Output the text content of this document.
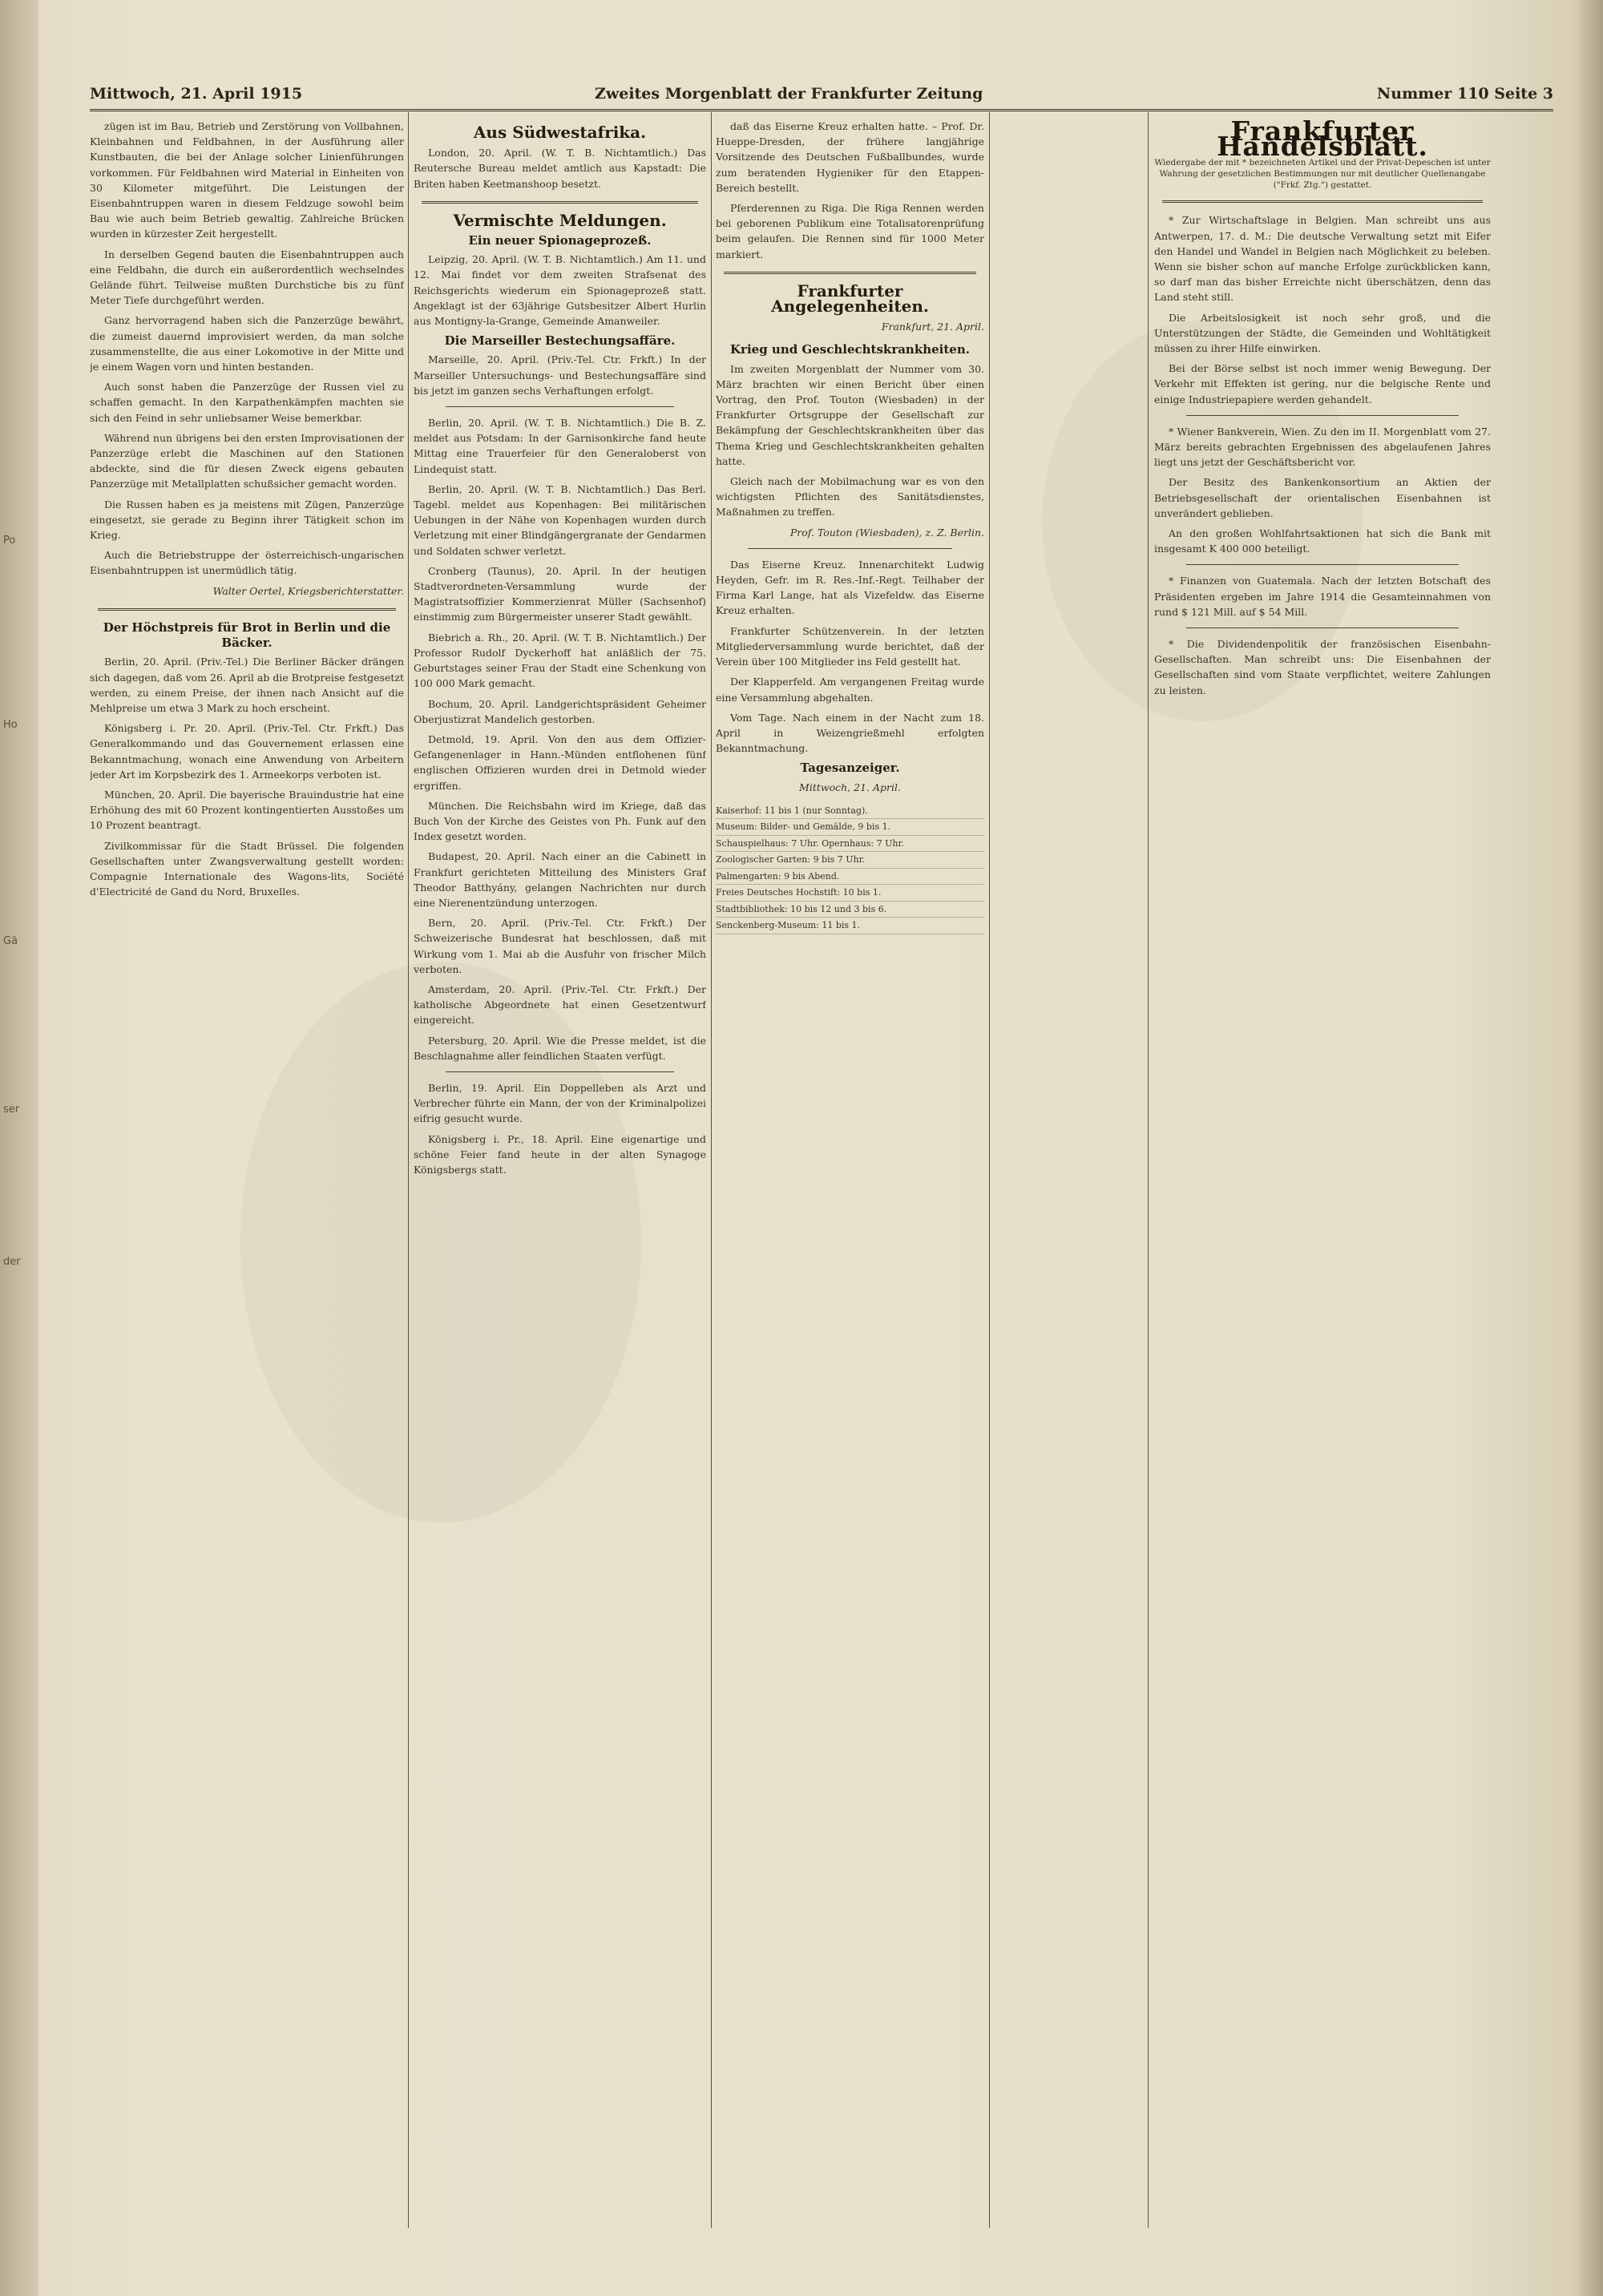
Po
Ho
Gä
ser
der
Mittwoch, 21. April 1915	Zweites Morgenblatt der Frankfurter Zeitung	Nummer 110 Seite 3

zügen ist im Bau, Betrieb und Zerstörung von Vollbahnen, Kleinbahnen und Feldbahnen, in der Ausführung aller Kunstbauten, die bei der Anlage solcher Linienführungen vorkommen. Für Feldbahnen wird Material in Einheiten von 30 Kilometer mitgeführt. Die Leistungen der Eisenbahntruppen waren in diesem Feldzuge sowohl beim Bau wie auch beim Betrieb gewaltig. Zahlreiche Brücken wurden in kürzester Zeit hergestellt.

In derselben Gegend bauten die Eisenbahntruppen auch eine Feldbahn, die durch ein außerordentlich wechselndes Gelände führt. Teilweise mußten Durchstiche bis zu fünf Meter Tiefe durchgeführt werden.

Ganz hervorragend haben sich die Panzerzüge bewährt, die zumeist dauernd improvisiert werden, da man solche zusammenstellte, die aus einer Lokomotive in der Mitte und je einem Wagen vorn und hinten bestanden.

Auch sonst haben die Panzerzüge der Russen viel zu schaffen gemacht. In den Karpathenkämpfen machten sie sich den Feind in sehr unliebsamer Weise bemerkbar.

Während nun übrigens bei den ersten Improvisationen der Panzerzüge erlebt die Maschinen auf den Stationen abdeckte, sind die für diesen Zweck eigens gebauten Panzerzüge mit Metallplatten schußsicher gemacht worden.

Die Russen haben es ja meistens mit Zügen, Panzerzüge eingesetzt, sie gerade zu Beginn ihrer Tätigkeit schon im Krieg.

Auch die Betriebstruppe der österreichisch-ungarischen Eisenbahntruppen ist unermüdlich tätig.

Walter Oertel, Kriegsberichterstatter.
Der Höchstpreis für Brot in Berlin und die Bäcker.

Berlin, 20. April. (Priv.-Tel.) Die Berliner Bäcker drängen sich dagegen, daß vom 26. April ab die Brotpreise festgesetzt werden, zu einem Preise, der ihnen nach Ansicht auf die Mehlpreise um etwa 3 Mark zu hoch erscheint.

Königsberg i. Pr. 20. April. (Priv.-Tel. Ctr. Frkft.) Das Generalkommando und das Gouvernement erlassen eine Bekanntmachung, wonach eine Anwendung von Arbeitern jeder Art im Korpsbezirk des 1. Armeekorps verboten ist.

München, 20. April. Die bayerische Brauindustrie hat eine Erhöhung des mit 60 Prozent kontingentierten Ausstoßes um 10 Prozent beantragt.

Zivilkommissar für die Stadt Brüssel. Die folgenden Gesellschaften unter Zwangsverwaltung gestellt worden: Compagnie Internationale des Wagons-lits, Société d'Electricité de Gand du Nord, Bruxelles.

Aus Südwestafrika.

London, 20. April. (W. T. B. Nichtamtlich.) Das Reutersche Bureau meldet amtlich aus Kapstadt: Die Briten haben Keetmanshoop besetzt.

Vermischte Meldungen.
Ein neuer Spionageprozeß.

Leipzig, 20. April. (W. T. B. Nichtamtlich.) Am 11. und 12. Mai findet vor dem zweiten Strafsenat des Reichsgerichts wiederum ein Spionageprozeß statt. Angeklagt ist der 63jährige Gutsbesitzer Albert Hurlin aus Montigny-la-Grange, Gemeinde Amanweiler.

Die Marseiller Bestechungsaffäre.

Marseille, 20. April. (Priv.-Tel. Ctr. Frkft.) In der Marseiller Untersuchungs- und Bestechungsaffäre sind bis jetzt im ganzen sechs Verhaftungen erfolgt.

Berlin, 20. April. (W. T. B. Nichtamtlich.) Die B. Z. meldet aus Potsdam: In der Garnisonkirche fand heute Mittag eine Trauerfeier für den Generaloberst von Lindequist statt.

Berlin, 20. April. (W. T. B. Nichtamtlich.) Das Berl. Tagebl. meldet aus Kopenhagen: Bei militärischen Uebungen in der Nähe von Kopenhagen wurden durch Verletzung mit einer Blindgängergranate der Gendarmen und Soldaten schwer verletzt.

Cronberg (Taunus), 20. April. In der heutigen Stadtverordneten-Versammlung wurde der Magistratsoffizier Kommerzienrat Müller (Sachsenhof) einstimmig zum Bürgermeister unserer Stadt gewählt.

Biebrich a. Rh., 20. April. (W. T. B. Nichtamtlich.) Der Professor Rudolf Dyckerhoff hat anläßlich der 75. Geburtstages seiner Frau der Stadt eine Schenkung von 100 000 Mark gemacht.

Bochum, 20. April. Landgerichtspräsident Geheimer Oberjustizrat Mandelich gestorben.

Detmold, 19. April. Von den aus dem Offizier-Gefangenenlager in Hann.-Münden entflohenen fünf englischen Offizieren wurden drei in Detmold wieder ergriffen.

München. Die Reichsbahn wird im Kriege, daß das Buch Von der Kirche des Geistes von Ph. Funk auf den Index gesetzt worden.

Budapest, 20. April. Nach einer an die Cabinett in Frankfurt gerichteten Mitteilung des Ministers Graf Theodor Batthyány, gelangen Nachrichten nur durch eine Nierenentzündung unterzogen.

Bern, 20. April. (Priv.-Tel. Ctr. Frkft.) Der Schweizerische Bundesrat hat beschlossen, daß mit Wirkung vom 1. Mai ab die Ausfuhr von frischer Milch verboten.

Amsterdam, 20. April. (Priv.-Tel. Ctr. Frkft.) Der katholische Abgeordnete hat einen Gesetzentwurf eingereicht.

Petersburg, 20. April. Wie die Presse meldet, ist die Beschlagnahme aller feindlichen Staaten verfügt.

Berlin, 19. April. Ein Doppelleben als Arzt und Verbrecher führte ein Mann, der von der Kriminalpolizei eifrig gesucht wurde.

Königsberg i. Pr., 18. April. Eine eigenartige und schöne Feier fand heute in der alten Synagoge Königsbergs statt.

daß das Eiserne Kreuz erhalten hatte. – Prof. Dr. Hueppe-Dresden, der frühere langjährige Vorsitzende des Deutschen Fußballbundes, wurde zum beratenden Hygieniker für den Etappen-Bereich bestellt.

Pferderennen zu Riga. Die Riga Rennen werden bei geborenen Publikum eine Totalisatorenprüfung beim gelaufen. Die Rennen sind für 1000 Meter markiert.

Frankfurter Angelegenheiten.
Frankfurt, 21. April.
Krieg und Geschlechtskrankheiten.

Im zweiten Morgenblatt der Nummer vom 30. März brachten wir einen Bericht über einen Vortrag, den Prof. Touton (Wiesbaden) in der Frankfurter Ortsgruppe der Gesellschaft zur Bekämpfung der Geschlechtskrankheiten über das Thema Krieg und Geschlechtskrankheiten gehalten hatte.

Gleich nach der Mobilmachung war es von den wichtigsten Pflichten des Sanitätsdienstes, Maßnahmen zu treffen.

Prof. Touton (Wiesbaden), z. Z. Berlin.

Das Eiserne Kreuz. Innenarchitekt Ludwig Heyden, Gefr. im R. Res.-Inf.-Regt. Teilhaber der Firma Karl Lange, hat als Vizefeldw. das Eiserne Kreuz erhalten.

Frankfurter Schützenverein. In der letzten Mitgliederversammlung wurde berichtet, daß der Verein über 100 Mitglieder ins Feld gestellt hat.

Der Klapperfeld. Am vergangenen Freitag wurde eine Versammlung abgehalten.

Vom Tage. Nach einem in der Nacht zum 18. April in Weizengrießmehl erfolgten Bekanntmachung.

Tagesanzeiger.
Mittwoch, 21. April.
Kaiserhof: 11 bis 1 (nur Sonntag).
Museum: Bilder- und Gemälde, 9 bis 1.
Schauspielhaus: 7 Uhr. Opernhaus: 7 Uhr.
Zoologischer Garten: 9 bis 7 Uhr.
Palmengarten: 9 bis Abend.
Freies Deutsches Hochstift: 10 bis 1.
Stadtbibliothek: 10 bis 12 und 3 bis 6.
Senckenberg-Museum: 11 bis 1.
Frankfurter Handelsblatt.
Wiedergabe der mit * bezeichneten Artikel und der Privat-Depeschen ist unter Wahrung der gesetzlichen Bestimmungen nur mit deutlicher Quellenangabe ("Frkf. Ztg.") gestattet.

* Zur Wirtschaftslage in Belgien. Man schreibt uns aus Antwerpen, 17. d. M.: Die deutsche Verwaltung setzt mit Eifer den Handel und Wandel in Belgien nach Möglichkeit zu beleben. Wenn sie bisher schon auf manche Erfolge zurückblicken kann, so darf man das bisher Erreichte nicht überschätzen, denn das Land steht still.

Die Arbeitslosigkeit ist noch sehr groß, und die Unterstützungen der Städte, die Gemeinden und Wohltätigkeit müssen zu ihrer Hilfe einwirken.

Bei der Börse selbst ist noch immer wenig Bewegung. Der Verkehr mit Effekten ist gering, nur die belgische Rente und einige Industriepapiere werden gehandelt.

* Wiener Bankverein, Wien. Zu den im II. Morgenblatt vom 27. März bereits gebrachten Ergebnissen des abgelaufenen Jahres liegt uns jetzt der Geschäftsbericht vor.

Der Besitz des Bankenkonsortium an Aktien der Betriebsgesellschaft der orientalischen Eisenbahnen ist unverändert geblieben.

An den großen Wohlfahrtsaktionen hat sich die Bank mit insgesamt K 400 000 beteiligt.

* Finanzen von Guatemala. Nach der letzten Botschaft des Präsidenten ergeben im Jahre 1914 die Gesamteinnahmen von rund $ 121 Mill. auf $ 54 Mill.

* Die Dividendenpolitik der französischen Eisenbahn-Gesellschaften. Man schreibt uns: Die Eisenbahnen der Gesellschaften sind vom Staate verpflichtet, weitere Zahlungen zu leisten.
